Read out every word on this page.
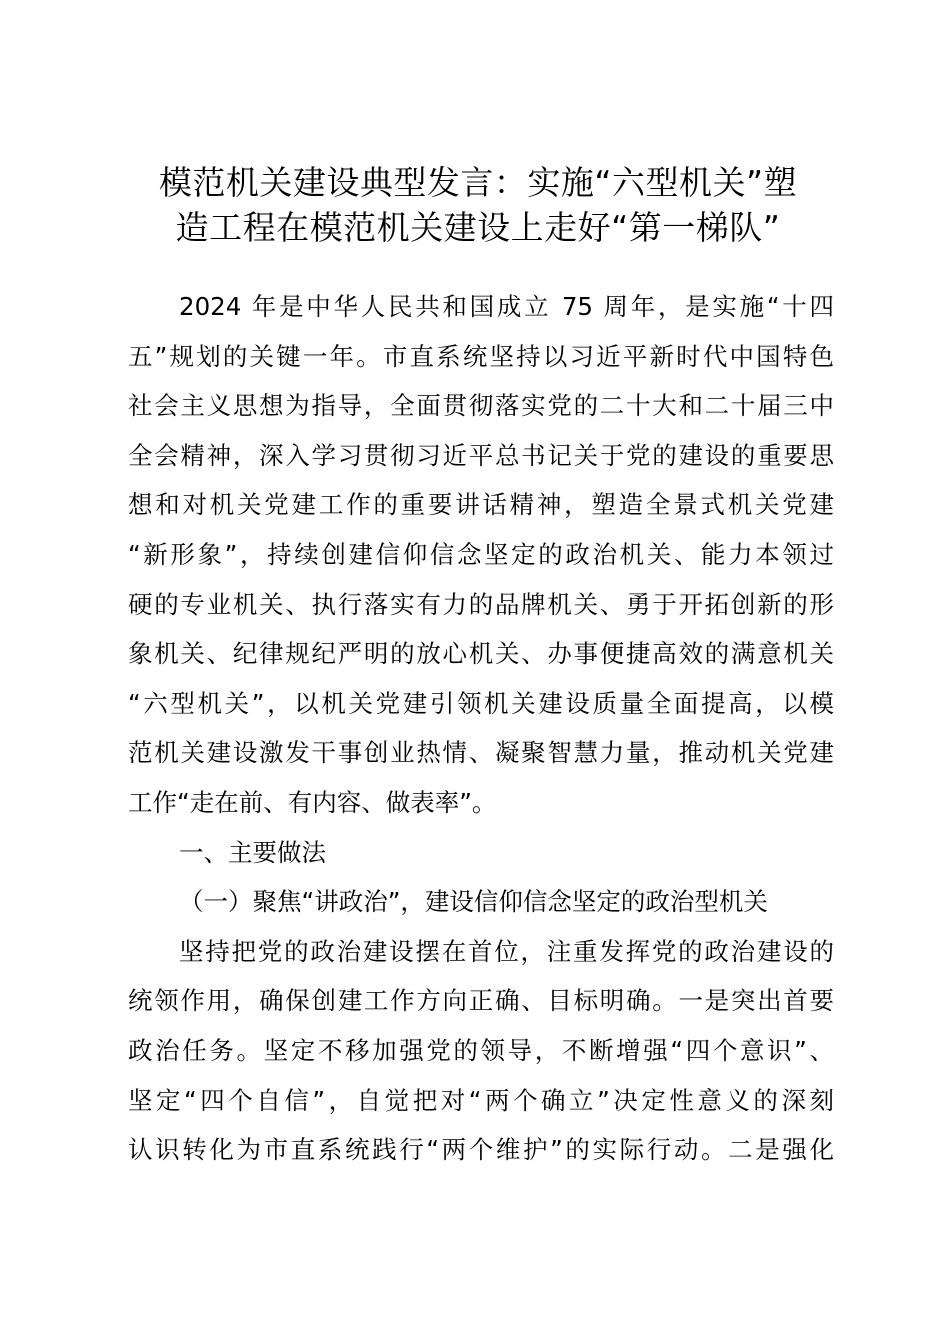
模范机关建设典型发言：实施“六型机关”塑
造工程在模范机关建设上走好“第一梯队”
2024 年是中华人民共和国成立 75 周年，是实施“十四
五”规划的关键一年。市直系统坚持以习近平新时代中国特色
社会主义思想为指导，全面贯彻落实党的二十大和二十届三中
全会精神，深入学习贯彻习近平总书记关于党的建设的重要思
想和对机关党建工作的重要讲话精神，塑造全景式机关党建
“新形象”，持续创建信仰信念坚定的政治机关、能力本领过
硬的专业机关、执行落实有力的品牌机关、勇于开拓创新的形
象机关、纪律规纪严明的放心机关、办事便捷高效的满意机关
“六型机关”，以机关党建引领机关建设质量全面提高，以模
范机关建设激发干事创业热情、凝聚智慧力量，推动机关党建
工作“走在前、有内容、做表率”。
一、主要做法
（一）聚焦“讲政治”，建设信仰信念坚定的政治型机关
坚持把党的政治建设摆在首位，注重发挥党的政治建设的
统领作用，确保创建工作方向正确、目标明确。一是突出首要
政治任务。坚定不移加强党的领导，不断增强“四个意识”、
坚定“四个自信”，自觉把对“两个确立”决定性意义的深刻
认识转化为市直系统践行“两个维护”的实际行动。二是强化
